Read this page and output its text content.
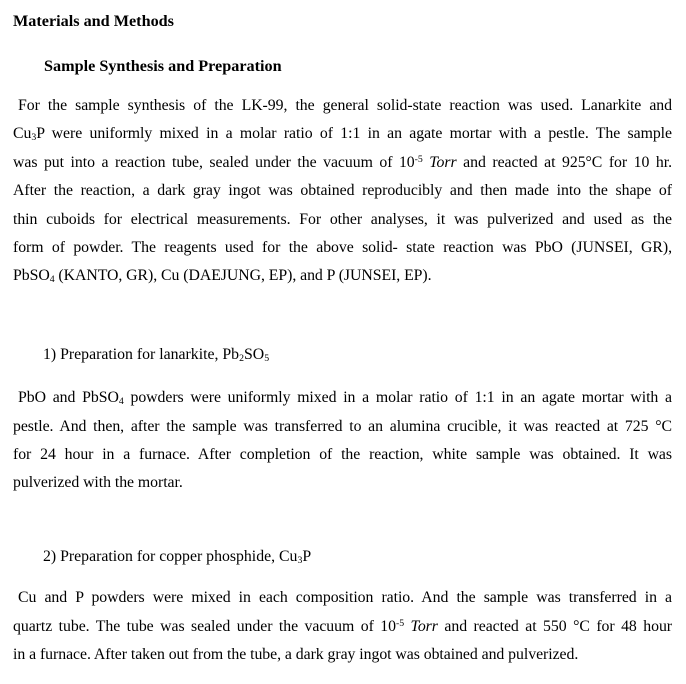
Materials and Methods
Sample Synthesis and Preparation
For the sample synthesis of the LK-99, the general solid-state reaction was used. Lanarkite and
$Cu_3P$ were uniformly mixed in a molar ratio of 1:1 in an agate mortar with a pestle. The sample
was put into a reaction tube, sealed under the vacuum of $10^{-5}$ Torr and reacted at 925°C for 10 hr.
After the reaction, a dark gray ingot was obtained reproducibly and then made into the shape of
thin cuboids for electrical measurements. For other analyses, it was pulverized and used as the
form of powder. The reagents used for the above solid- state reaction was PbO (JUNSEI, GR),
PbSO$_4$ (KANTO, GR), Cu (DAEJUNG, EP), and P (JUNSEI, EP).
1) Preparation for lanarkite, $Pb_2SO_5$
PbO and PbSO$_4$ powders were uniformly mixed in a molar ratio of 1:1 in an agate mortar with a
pestle. And then, after the sample was transferred to an alumina crucible, it was reacted at 725 °C
for 24 hour in a furnace. After completion of the reaction, white sample was obtained. It was
pulverized with the mortar.
2) Preparation for copper phosphide, $Cu_3P$
Cu and P powders were mixed in each composition ratio. And the sample was transferred in a
quartz tube. The tube was sealed under the vacuum of $10^{-5}$ Torr and reacted at 550 °C for 48 hour
in a furnace. After taken out from the tube, a dark gray ingot was obtained and pulverized.
